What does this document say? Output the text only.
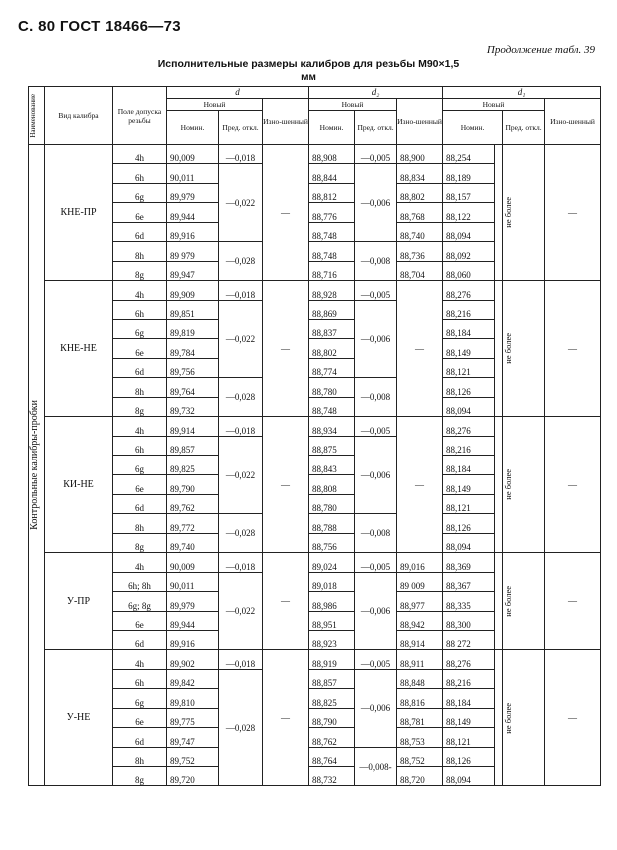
С. 80 ГОСТ 18466—73
Продолжение табл. 39
Исполнительные размеры калибров для резьбы М90×1,5
мм
Наименование	Вид калибра	Поле допуска резьбы	d			d₂			d₁			
			Новый		Изно-шенный	Новый		Изно-шенный	Новый			Изно-шенный
			Номин.	Пред. откл.		Номин.	Пред. откл.		Номин.		Пред. откл.	

Контрольные калибры-пробки	КНЕ-ПР	4h	90,009	—0,018	—	88,908	—0,005	88,900	88,254		не более	—
		6h	90,011	—0,022		88,844	—0,006	88,834	88,189			
		6g	89,979			88,812		88,802	88,157			
		6e	89,944			88,776		88,768	88,122			
		6d	89,916			88,748		88,740	88,094			
		8h	89 979	—0,028		88,748	—0,008	88,736	88,092			
		8g	89,947			88,716		88,704	88,060			
	КНЕ-НЕ	4h	89,909	—0,018	—	88,928	—0,005	—	88,276		не более	—
		6h	89,851	—0,022		88,869	—0,006		88,216			
		6g	89,819			88,837			88,184			
		6e	89,784			88,802			88,149			
		6d	89,756			88,774			88,121			
		8h	89,764	—0,028		88,780	—0,008		88,126			
		8g	89,732			88,748			88,094			
	КИ-НЕ	4h	89,914	—0,018	—	88,934	—0,005	—	88,276		не более	—
		6h	89,857	—0,022		88,875	—0,006		88,216			
		6g	89,825			88,843			88,184			
		6e	89,790			88,808			88,149			
		6d	89,762			88,780			88,121			
		8h	89,772	—0,028		88,788	—0,008		88,126			
		8g	89,740			88,756			88,094			
	У-ПР	4h	90,009	—0,018	—	89,024	—0,005	89,016	88,369		не более	—
		6h; 8h	90,011	—0,022		89,018	—0,006	89 009	88,367			
		6g; 8g	89,979			88,986		88,977	88,335			
		6e	89,944			88,951		88,942	88,300			
		6d	89,916			88,923		88,914	88 272			
	У-НЕ	4h	89,902	—0,018	—	88,919	—0,005	88,911	88,276		не более	—
		6h	89,842	—0,028		88,857	—0,006	88,848	88,216			
		6g	89,810			88,825		88,816	88,184			
		6e	89,775			88,790		88,781	88,149			
		6d	89,747			88,762		88,753	88,121			
		8h	89,752			88,764	—0,008-	88,752	88,126			
		8g	89,720			88,732		88,720	88,094			
